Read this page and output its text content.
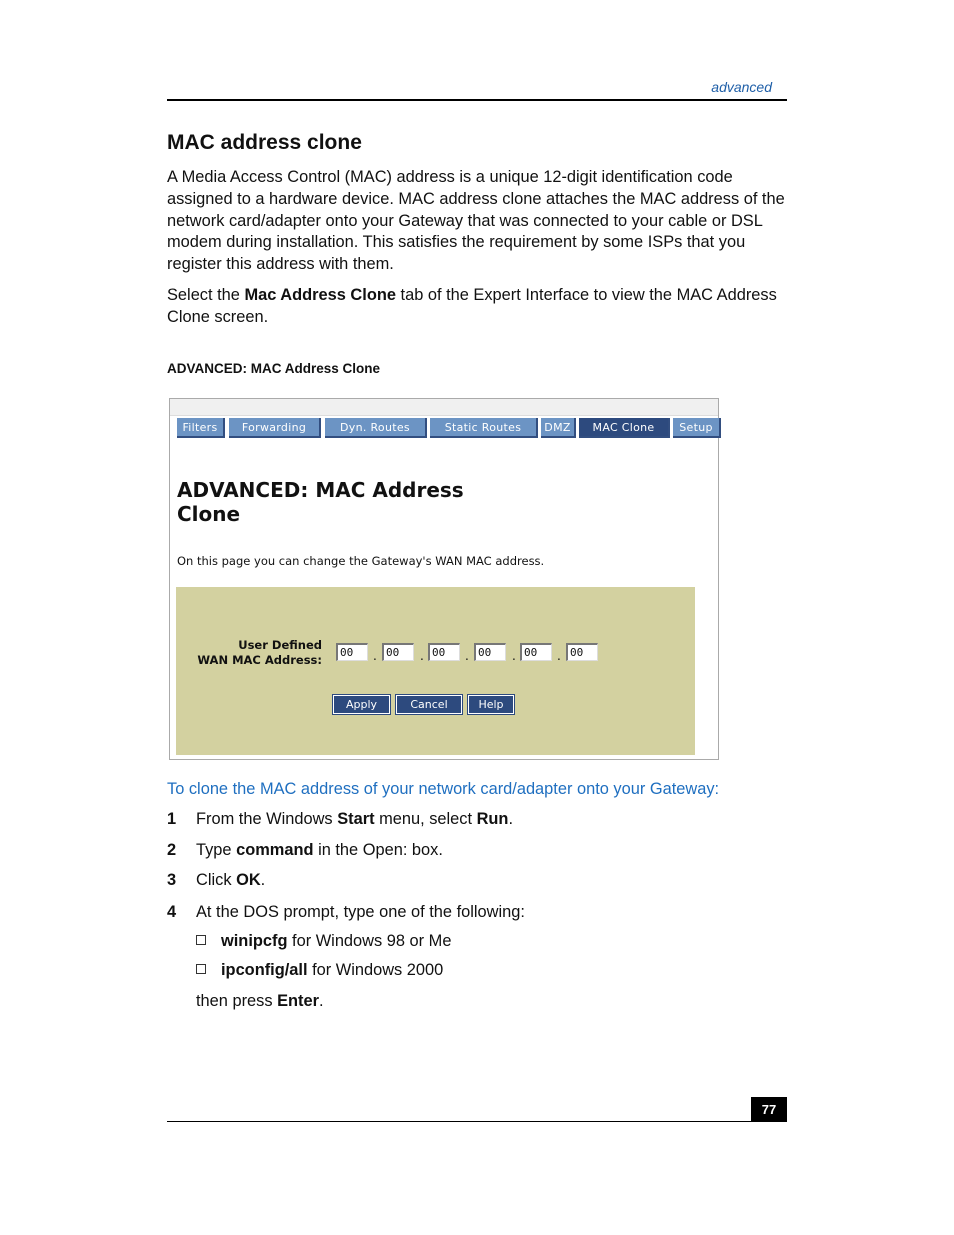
advanced
MAC address clone

A Media Access Control (MAC) address is a unique 12-digit identification code assigned to a hardware device. MAC address clone attaches the MAC address of the network card/adapter onto your Gateway that was connected to your cable or DSL modem during installation. This satisfies the requirement by some ISPs that you register this address with them.

Select the Mac Address Clone tab of the Expert Interface to view the MAC Address Clone screen.

ADVANCED: MAC Address Clone
Filters	Forwarding	Dyn. Routes	Static Routes	DMZ	MAC Clone	Setup
ADVANCED: MAC Address Clone
On this page you can change the Gateway's WAN MAC address.
User Defined
WAN MAC Address:
00	. 00	. 00	. 00	. 00	. 00
Apply	Cancel	Help
To clone the MAC address of your network card/adapter onto your Gateway:
1 From the Windows Start menu, select Run.
2 Type command in the Open: box.
3 Click OK.
4 At the DOS prompt, type one of the following:
winipcfg for Windows 98 or Me
ipconfig/all for Windows 2000
then press Enter.
77
